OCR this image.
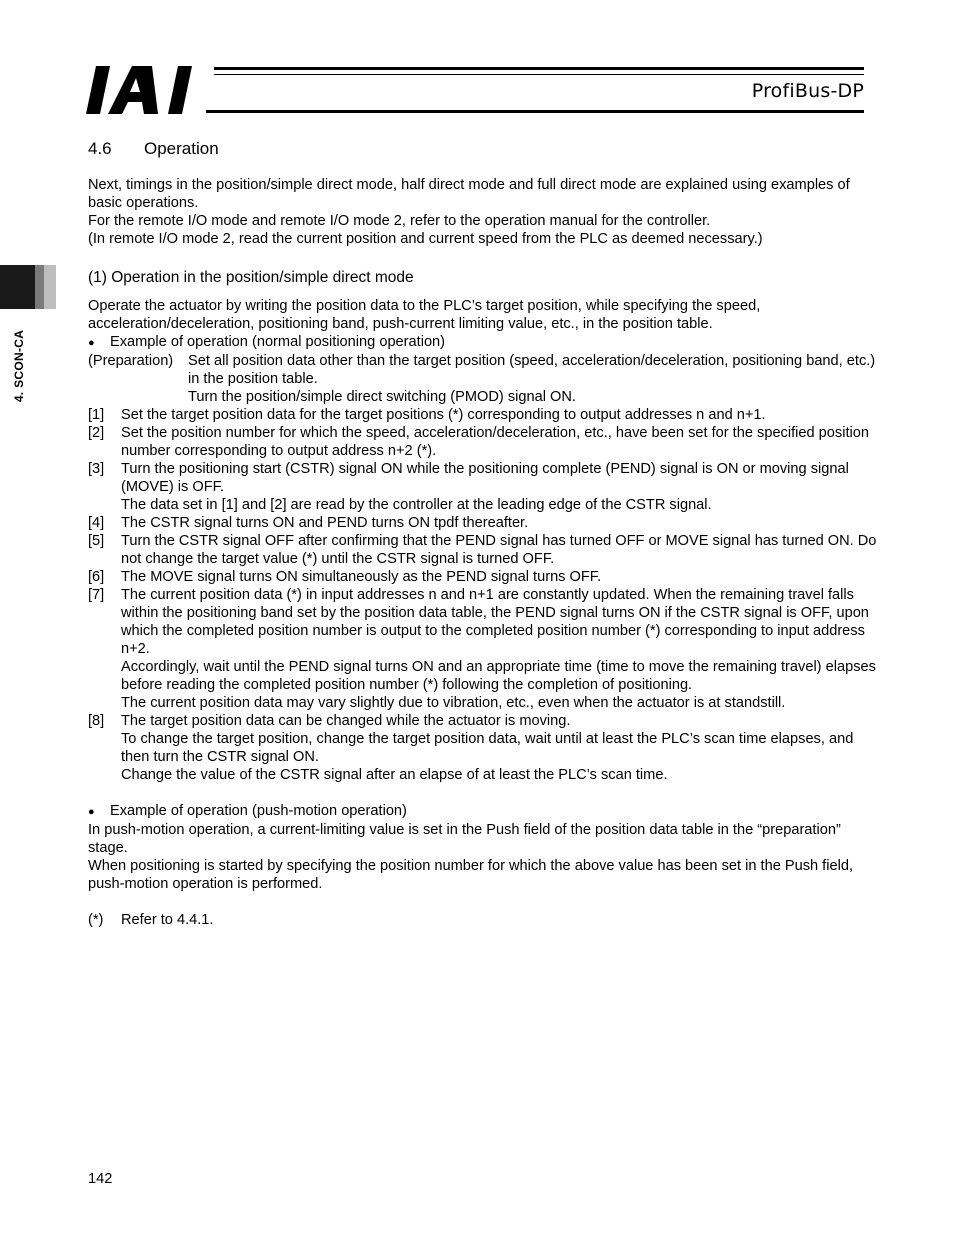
ProfiBus-DP
4. SCON-CA
4.6 Operation

Next, timings in the position/simple direct mode, half direct mode and full direct mode are explained using examples of basic operations.

For the remote I/O mode and remote I/O mode 2, refer to the operation manual for the controller.

(In remote I/O mode 2, read the current position and current speed from the PLC as deemed necessary.)

(1) Operation in the position/simple direct mode

Operate the actuator by writing the position data to the PLC’s target position, while specifying the speed, acceleration/deceleration, positioning band, push-current limiting value, etc., in the position table.

● Example of operation (normal positioning operation)

(Preparation)	Set all position data other than the target position (speed, acceleration/deceleration, positioning band, etc.) in the position table.
Turn the position/simple direct switching (PMOD) signal ON.
[1]	Set the target position data for the target positions (*) corresponding to output addresses n and n+1.
[2]	Set the position number for which the speed, acceleration/deceleration, etc., have been set for the specified position number corresponding to output address n+2 (*).
[3]	Turn the positioning start (CSTR) signal ON while the positioning complete (PEND) signal is ON or moving signal (MOVE) is OFF.
The data set in [1] and [2] are read by the controller at the leading edge of the CSTR signal.
[4]	The CSTR signal turns ON and PEND turns ON tpdf thereafter.
[5]	Turn the CSTR signal OFF after confirming that the PEND signal has turned OFF or MOVE signal has turned ON. Do not change the target value (*) until the CSTR signal is turned OFF.
[6]	The MOVE signal turns ON simultaneously as the PEND signal turns OFF.
[7]	The current position data (*) in input addresses n and n+1 are constantly updated. When the remaining travel falls within the positioning band set by the position data table, the PEND signal turns ON if the CSTR signal is OFF, upon which the completed position number is output to the completed position number (*) corresponding to input address n+2.
Accordingly, wait until the PEND signal turns ON and an appropriate time (time to move the remaining travel) elapses before reading the completed position number (*) following the completion of positioning.
The current position data may vary slightly due to vibration, etc., even when the actuator is at standstill.
[8]	The target position data can be changed while the actuator is moving.
To change the target position, change the target position data, wait until at least the PLC’s scan time elapses, and then turn the CSTR signal ON.
Change the value of the CSTR signal after an elapse of at least the PLC’s scan time.

● Example of operation (push-motion operation)

In push-motion operation, a current-limiting value is set in the Push field of the position data table in the “preparation” stage.

When positioning is started by specifying the position number for which the above value has been set in the Push field, push-motion operation is performed.

(*)	Refer to 4.4.1.
142
